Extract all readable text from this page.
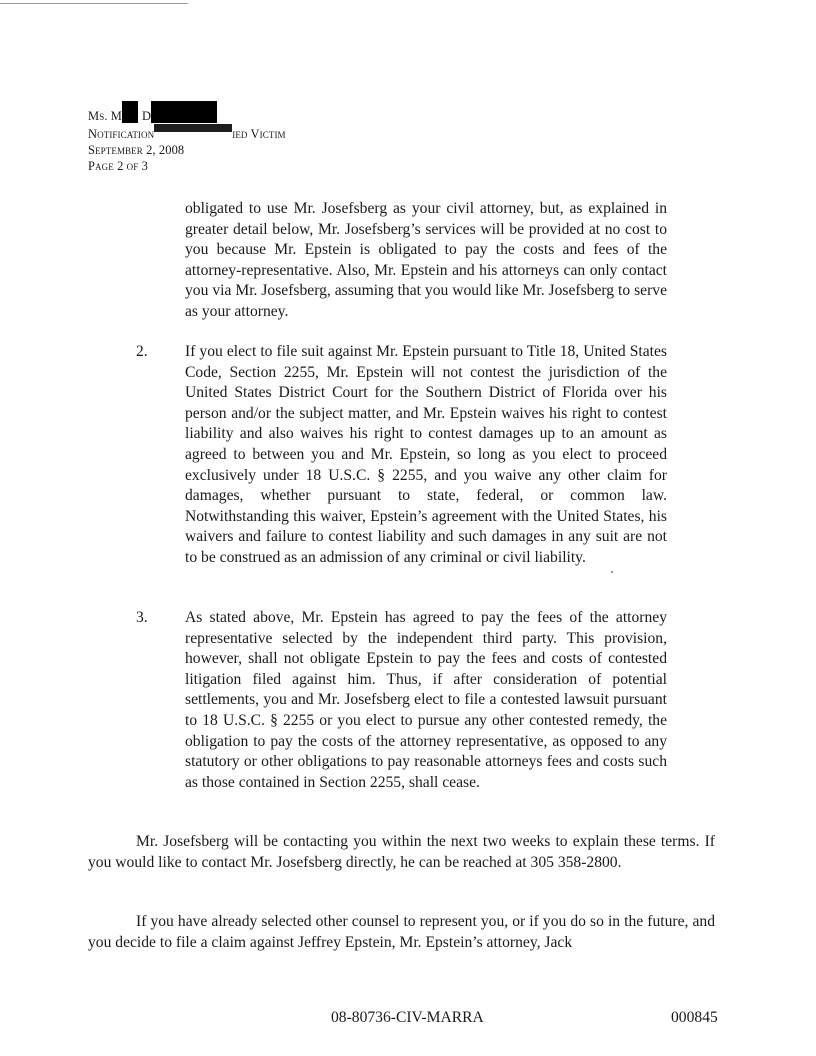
Ms. M D
Notification	ied Victim
September 2, 2008
Page 2 of 3
obligated to use Mr. Josefsberg as your civil attorney, but, as explained in greater detail below, Mr. Josefsberg’s services will be provided at no cost to you because Mr. Epstein is obligated to pay the costs and fees of the attorney-representative. Also, Mr. Epstein and his attorneys can only contact you via Mr. Josefsberg, assuming that you would like Mr. Josefsberg to serve as your attorney.
2. If you elect to file suit against Mr. Epstein pursuant to Title 18, United States Code, Section 2255, Mr. Epstein will not contest the jurisdiction of the United States District Court for the Southern District of Florida over his person and/or the subject matter, and Mr. Epstein waives his right to contest liability and also waives his right to contest damages up to an amount as agreed to between you and Mr. Epstein, so long as you elect to proceed exclusively under 18 U.S.C. § 2255, and you waive any other claim for damages, whether pursuant to state, federal, or common law. Notwithstanding this waiver, Epstein’s agreement with the United States, his waivers and failure to contest liability and such damages in any suit are not to be construed as an admission of any criminal or civil liability.
3. As stated above, Mr. Epstein has agreed to pay the fees of the attorney representative selected by the independent third party. This provision, however, shall not obligate Epstein to pay the fees and costs of contested litigation filed against him. Thus, if after consideration of potential settlements, you and Mr. Josefsberg elect to file a contested lawsuit pursuant to 18 U.S.C. § 2255 or you elect to pursue any other contested remedy, the obligation to pay the costs of the attorney representative, as opposed to any statutory or other obligations to pay reasonable attorneys fees and costs such as those contained in Section 2255, shall cease.
Mr. Josefsberg will be contacting you within the next two weeks to explain these terms. If you would like to contact Mr. Josefsberg directly, he can be reached at 305 358-2800.
If you have already selected other counsel to represent you, or if you do so in the future, and you decide to file a claim against Jeffrey Epstein, Mr. Epstein’s attorney, Jack
08-80736-CIV-MARRA	000845
